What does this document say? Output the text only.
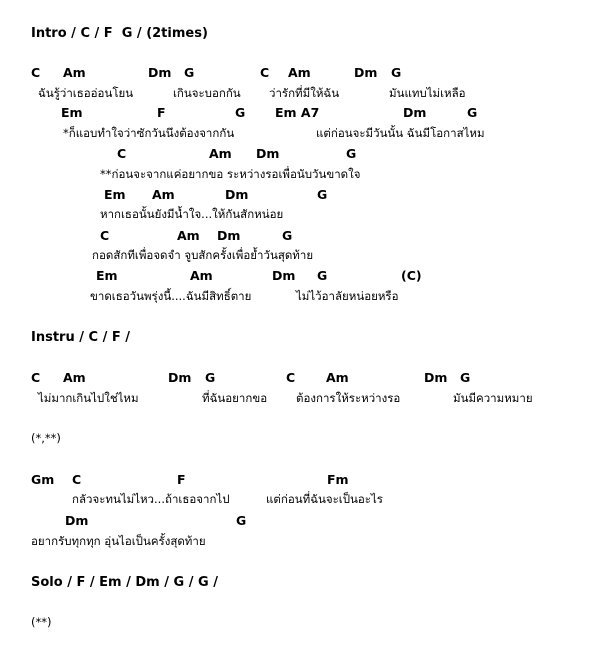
Intro / C / F  G / (2times)
C Am	Dm G	C Am	Dm G
ฉันรู้ว่าเธออ่อนโยน	เกินจะบอกกัน ว่ารักที่มีให้ฉัน	มันแทบไม่เหลือ
Em	F	G Em A7	Dm	G
*ก็แอบทำใจว่าซักวันนึงต้องจากกัน	แต่ก่อนจะมีวันนั้น ฉันมีโอกาสไหม
C	Am Dm	G
**ก่อนจะจากแค่อยากขอ ระหว่างรอเพื่อนับวันขาดใจ
Em Am	Dm	G
หากเธอนั้นยังมีน้ำใจ...ให้กันสักหน่อย
C	Am Dm	G
กอดสักทีเพื่อจดจำ จูบสักครั้งเพื่อย้ำวันสุดท้าย
Em	Am	Dm G	(C)
ขาดเธอวันพรุ่งนี้....ฉันมีสิทธิ์ตาย	ไม่ไว้อาลัยหน่อยหรือ
Instru / C / F /
C Am	Dm G	C Am	Dm G
ไม่มากเกินไปใช่ไหม	ที่ฉันอยากขอ	ต้องการให้ระหว่างรอ	มันมีความหมาย
(*,**)
Gm C	F	Fm
กลัวจะทนไม่ไหว...ถ้าเธอจากไป	แต่ก่อนที่ฉันจะเป็นอะไร
Dm	G
อยากรับทุกทุก อุ่นไอเป็นครั้งสุดท้าย
Solo / F / Em / Dm / G / G /
(**)
